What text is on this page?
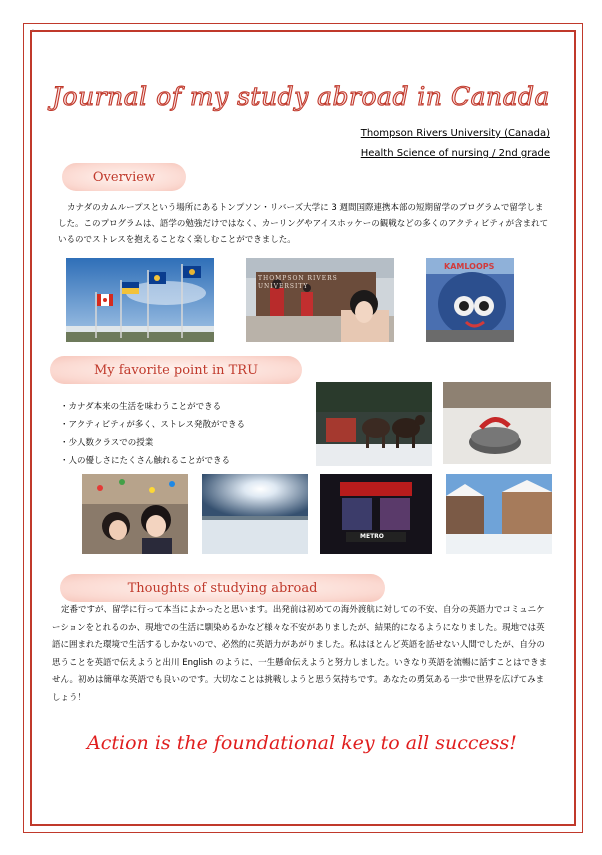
'
Journal of my study abroad in Canada
Thompson Rivers University (Canada)
Health Science of nursing / 2nd grade
Overview
カナダのカムループスという場所にあるトンプソン・リバーズ大学に 3 週間国際連携本部の短期留学のプログラムで留学しました。このプログラムは、語学の勉強だけではなく、カーリングやアイスホッケーの観戦などの多くのアクティビティが含まれているのでストレスを抱えることなく楽しむことができました。
THOMPSON RIVERS UNIVERSITY
KAMLOOPS
My favorite point in TRU
・カナダ本来の生活を味わうことができる
・アクティビティが多く、ストレス発散ができる
・少人数クラスでの授業
・人の優しさにたくさん触れることができる
METRO
Thoughts of studying abroad
定番ですが、留学に行って本当によかったと思います。出発前は初めての海外渡航に対しての不安、自分の英語力でコミュニケーションをとれるのか、現地での生活に馴染めるかなど様々な不安がありましたが、結果的になるようになりました。現地では英語に囲まれた環境で生活するしかないので、必然的に英語力があがりました。私はほとんど英語を話せない人間でしたが、自分の思うことを英語で伝えようと出川 English のように、一生懸命伝えようと努力しました。いきなり英語を流暢に話すことはできません。初めは簡単な英語でも良いのです。大切なことは挑戦しようと思う気持ちです。あなたの勇気ある一歩で世界を広げてみましょう！
Action is the foundational key to all success!
